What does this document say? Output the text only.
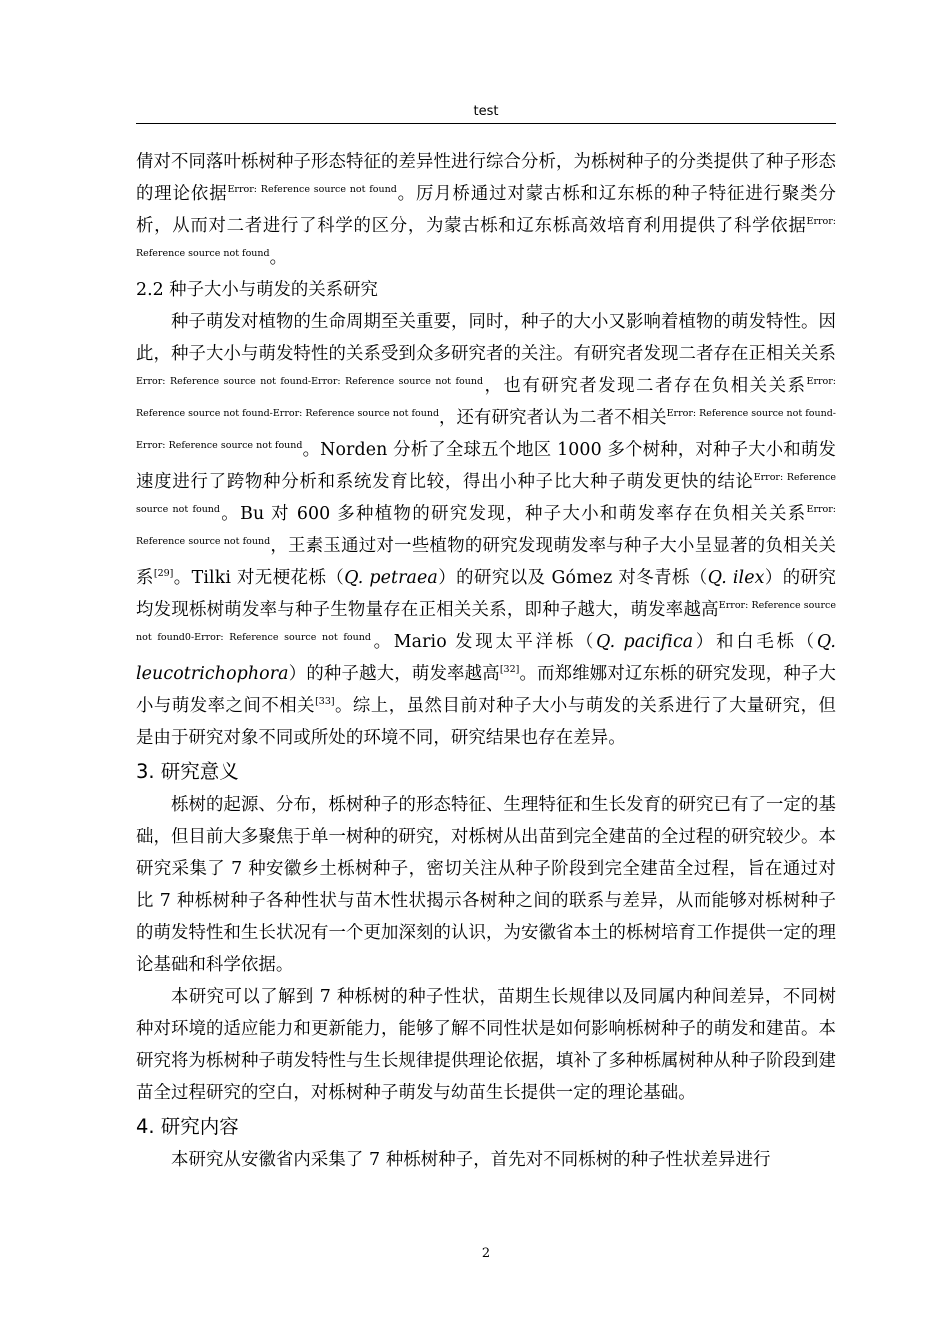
test

倩对不同落叶栎树种子形态特征的差异性进行综合分析，为栎树种子的分类提供了种子形态的理论依据$^{Error: Reference source not found}$。厉月桥通过对蒙古栎和辽东栎的种子特征进行聚类分析，从而对二者进行了科学的区分，为蒙古栎和辽东栎高效培育利用提供了科学依据$^{Error: Reference source not found}$。

2.2 种子大小与萌发的关系研究

种子萌发对植物的生命周期至关重要，同时，种子的大小又影响着植物的萌发特性。因此，种子大小与萌发特性的关系受到众多研究者的关注。有研究者发现二者存在正相关关系$^{Error: Reference source not found-Error: Reference source not found}$，也有研究者发现二者存在负相关关系$^{Error: Reference source not found-Error: Reference source not found}$，还有研究者认为二者不相关$^{Error: Reference source not found-Error: Reference source not found}$。Norden 分析了全球五个地区 1000 多个树种，对种子大小和萌发速度进行了跨物种分析和系统发育比较，得出小种子比大种子萌发更快的结论$^{Error: Reference source not found}$。Bu 对 600 多种植物的研究发现，种子大小和萌发率存在负相关关系$^{Error: Reference source not found}$，王素玉通过对一些植物的研究发现萌发率与种子大小呈显著的负相关关系[29]。Tilki 对无梗花栎（Q. petraea）的研究以及 Gómez 对冬青栎（Q. ilex）的研究均发现栎树萌发率与种子生物量存在正相关关系，即种子越大，萌发率越高$^{Error: Reference source not found0-Error: Reference source not found}$。Mario 发现太平洋栎（Q. pacifica）和白毛栎（Q. leucotrichophora）的种子越大，萌发率越高[32]。而郑维娜对辽东栎的研究发现，种子大小与萌发率之间不相关[33]。综上，虽然目前对种子大小与萌发的关系进行了大量研究，但是由于研究对象不同或所处的环境不同，研究结果也存在差异。

3. 研究意义

栎树的起源、分布，栎树种子的形态特征、生理特征和生长发育的研究已有了一定的基础，但目前大多聚焦于单一树种的研究，对栎树从出苗到完全建苗的全过程的研究较少。本研究采集了 7 种安徽乡土栎树种子，密切关注从种子阶段到完全建苗全过程，旨在通过对比 7 种栎树种子各种性状与苗木性状揭示各树种之间的联系与差异，从而能够对栎树种子的萌发特性和生长状况有一个更加深刻的认识，为安徽省本土的栎树培育工作提供一定的理论基础和科学依据。

本研究可以了解到 7 种栎树的种子性状，苗期生长规律以及同属内种间差异，不同树种对环境的适应能力和更新能力，能够了解不同性状是如何影响栎树种子的萌发和建苗。本研究将为栎树种子萌发特性与生长规律提供理论依据，填补了多种栎属树种从种子阶段到建苗全过程研究的空白，对栎树种子萌发与幼苗生长提供一定的理论基础。

4. 研究内容

本研究从安徽省内采集了 7 种栎树种子，首先对不同栎树的种子性状差异进行

2
